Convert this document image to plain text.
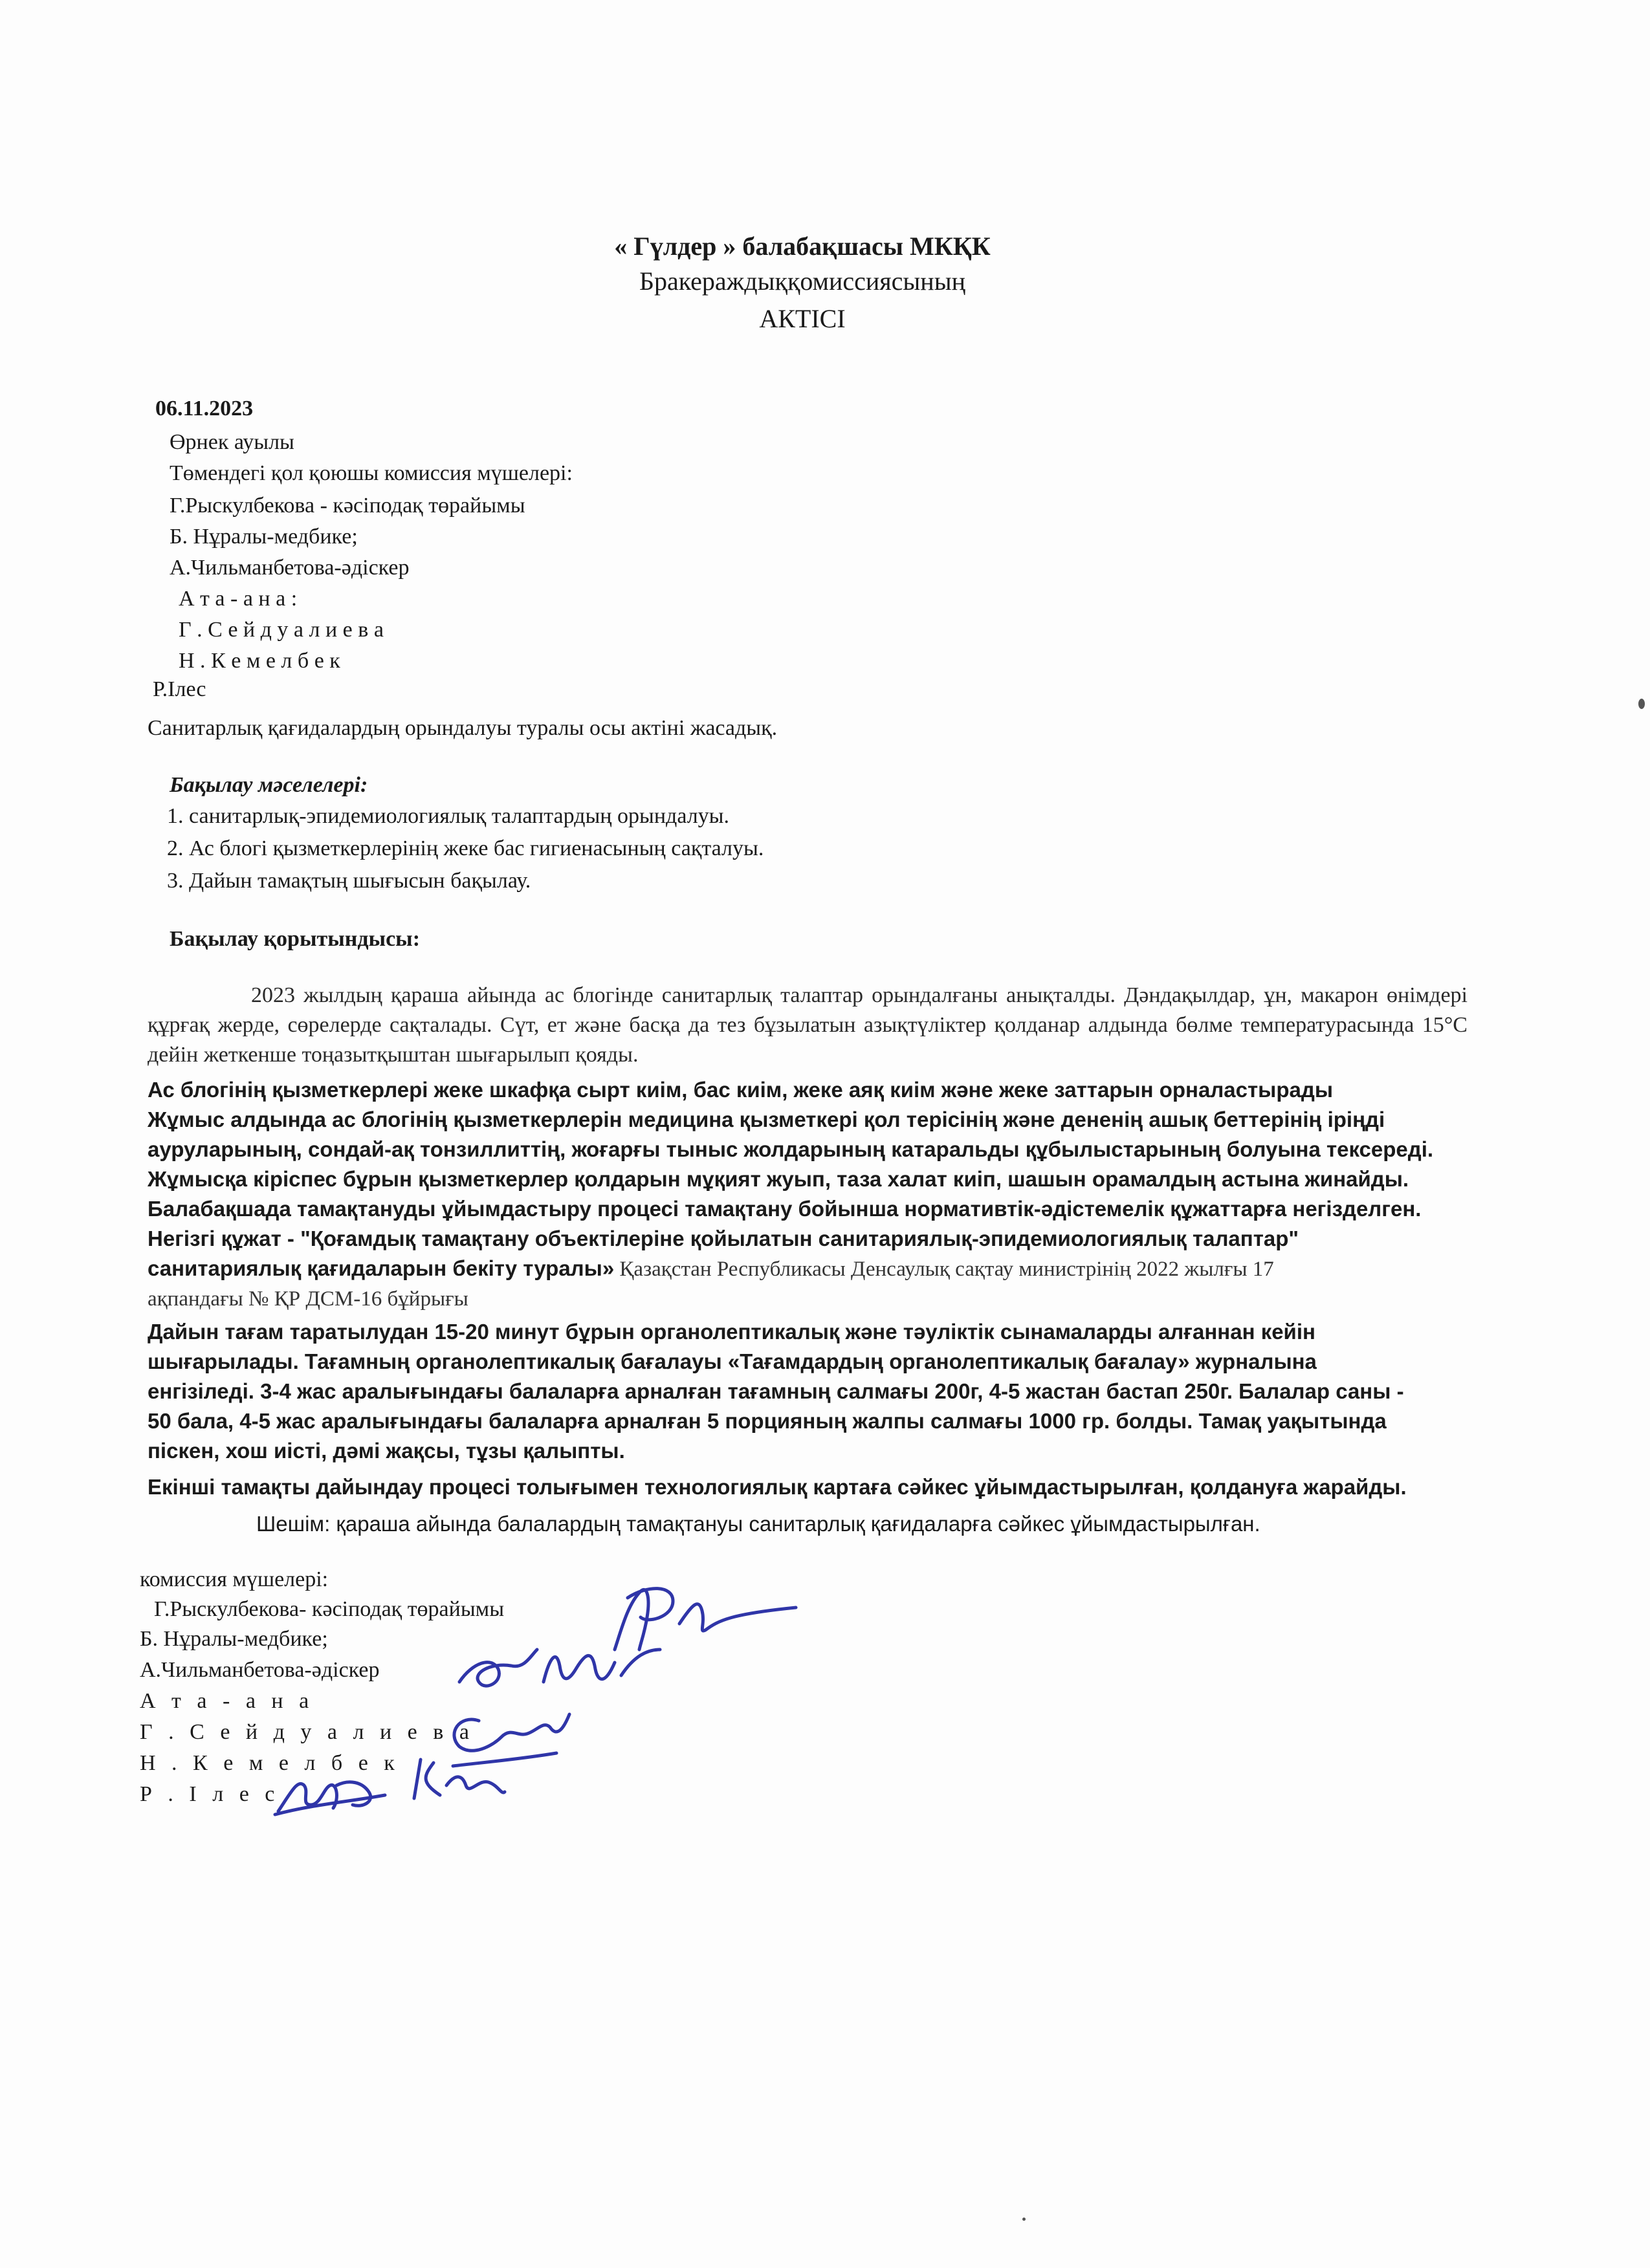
« Гүлдер » балабақшасы МКҚК
Бракераждыққомиссиясының
АКТІСІ
06.11.2023
Өрнек ауылы
Төмендегі қол қоюшы комиссия мүшелері:
Г.Рыскулбекова - кәсіподақ төрайымы
Б. Нұралы-медбике;
А.Чильманбетова-әдіскер
А т а - а н а :
Г . С е й д у а л и е в а
Н . К е м е л б е к
Р.Ілес
Санитарлық қағидалардың орындалуы туралы осы актіні жасадық.
Бақылау мәселелері:
1. санитарлық-эпидемиологиялық талаптардың орындалуы.
2. Ас блогі қызметкерлерінің жеке бас гигиенасының сақталуы.
3. Дайын тамақтың шығысын бақылау.
Бақылау қорытындысы:
2023 жылдың қараша айында ас блогінде санитарлық талаптар орындалғаны анықталды. Дәндақылдар, ұн, макарон өнімдері құрғақ жерде, сөрелерде сақталады. Сүт, ет және басқа да тез бұзылатын азықтүліктер қолданар алдында бөлме температурасында 15°С дейін жеткенше тоңазытқыштан шығарылып қояды.
Ас блогінің қызметкерлері жеке шкафқа сырт киім, бас киім, жеке аяқ киім және жеке заттарын орналастырады
Жұмыс алдында ас блогінің қызметкерлерін медицина қызметкері қол терісінің және дененің ашық беттерінің іріңді
ауруларының, сондай-ақ тонзиллиттің, жоғарғы тыныс жолдарының катаральды құбылыстарының болуына тексереді.
Жұмысқа кіріспес бұрын қызметкерлер қолдарын мұқият жуып, таза халат киіп, шашын орамалдың астына жинайды.
Балабақшада тамақтануды ұйымдастыру процесі тамақтану бойынша нормативтік-әдістемелік құжаттарға негізделген.
Негізгі құжат - "Қоғамдық тамақтану объектілеріне қойылатын санитариялық-эпидемиологиялық талаптар"
санитариялық қағидаларын бекіту туралы» Қазақстан Республикасы Денсаулық сақтау министрінің 2022 жылғы 17
ақпандағы № ҚР ДСМ-16 бұйрығы
Дайын тағам таратылудан 15-20 минут бұрын органолептикалық және тәуліктік сынамаларды алғаннан кейін
шығарылады. Тағамның органолептикалық бағалауы «Тағамдардың органолептикалық бағалау» журналына
енгізіледі. 3-4 жас аралығындағы балаларға арналған тағамның салмағы 200г, 4-5 жастан бастап 250г. Балалар саны -
50 бала, 4-5 жас аралығындағы балаларға арналған 5 порцияның жалпы салмағы 1000 гр. болды. Тамақ уақытында
піскен, хош иісті, дәмі жақсы, тұзы қалыпты.
Екінші тамақты дайындау процесі толығымен технологиялық картаға сәйкес ұйымдастырылған, қолдануға жарайды.
Шешім: қараша айында балалардың тамақтануы санитарлық қағидаларға сәйкес ұйымдастырылған.
комиссия мүшелері:
Г.Рыскулбекова- кәсіподақ төрайымы
Б. Нұралы-медбике;
А.Чильманбетова-әдіскер
А т а - а н а
Г . С е й д у а л и е в а
Н . К е м е л б е к
Р . І л е с
